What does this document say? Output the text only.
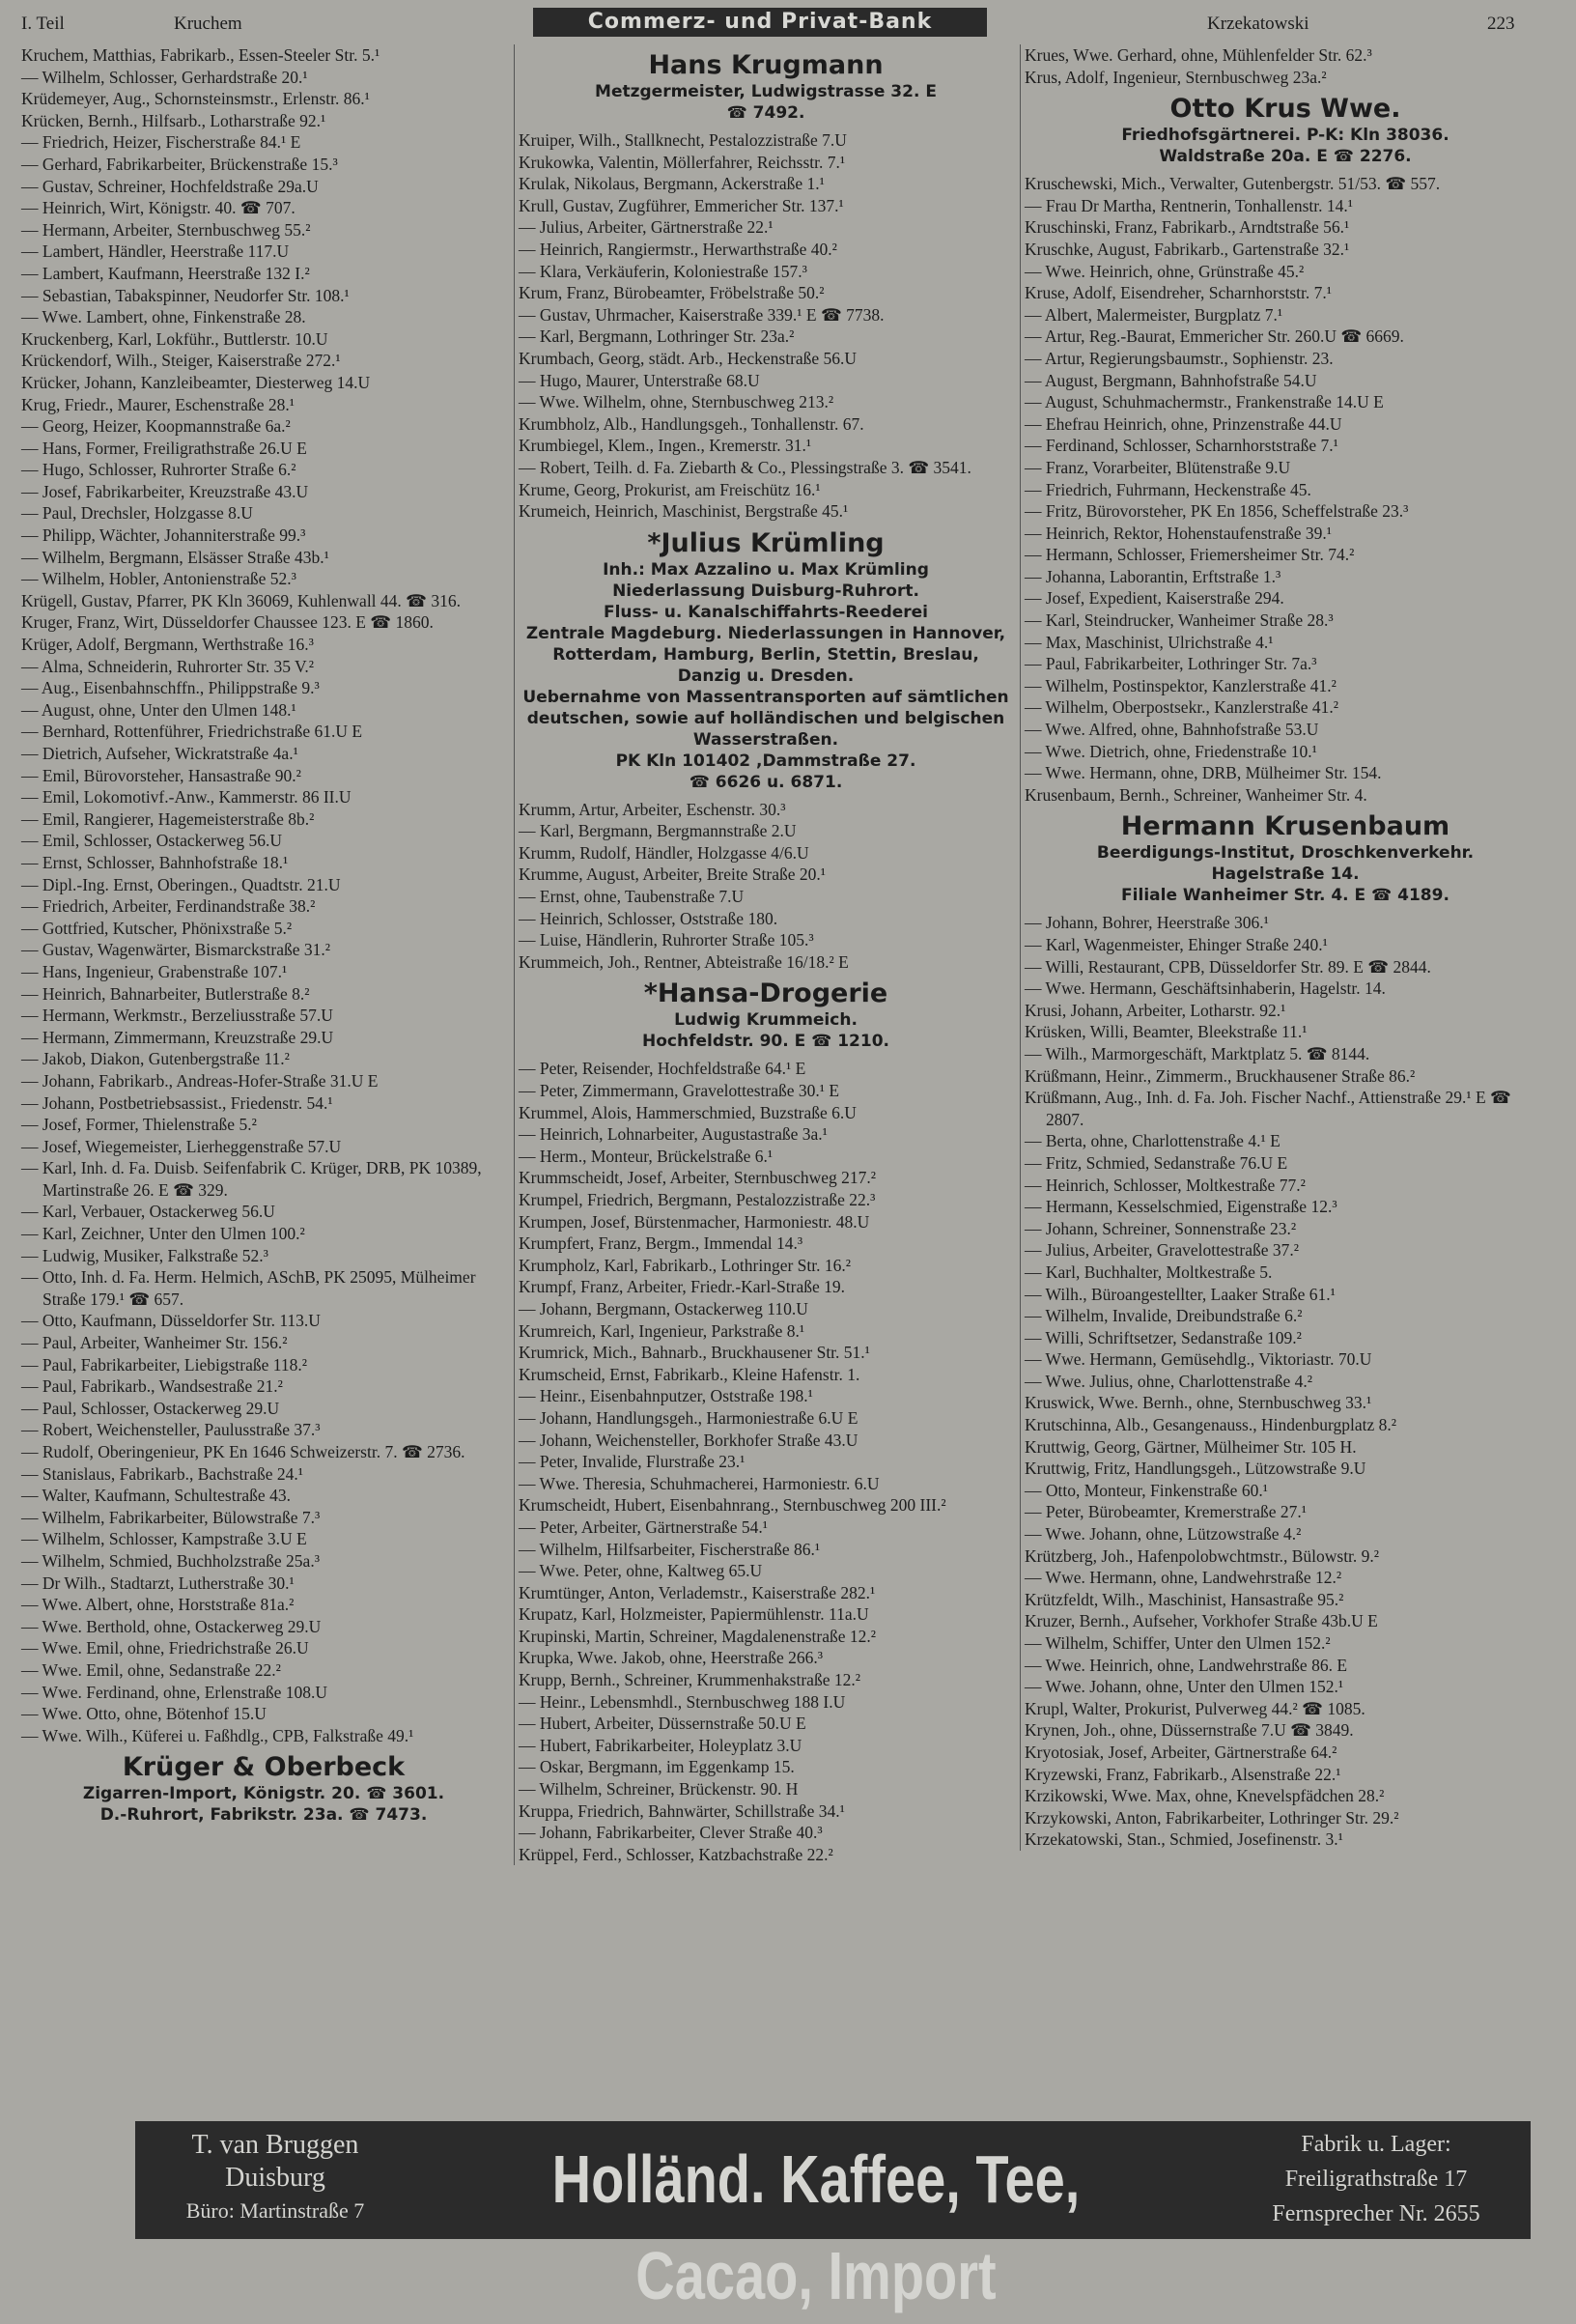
I. Teil	Kruchem	Commerz- und Privat-Bank	Krzekatowski	223
Kruchem, Matthias, Fabrikarb., Essen-Steeler Str. 5.¹
— Wilhelm, Schlosser, Gerhardstraße 20.¹
Krüdemeyer, Aug., Schornsteinsmstr., Erlenstr. 86.¹
Krücken, Bernh., Hilfsarb., Lotharstraße 92.¹
— Friedrich, Heizer, Fischerstraße 84.¹ E
— Gerhard, Fabrikarbeiter, Brückenstraße 15.³
— Gustav, Schreiner, Hochfeldstraße 29a.U
— Heinrich, Wirt, Königstr. 40. ☎ 707.
— Hermann, Arbeiter, Sternbuschweg 55.²
— Lambert, Händler, Heerstraße 117.U
— Lambert, Kaufmann, Heerstraße 132 I.²
— Sebastian, Tabakspinner, Neudorfer Str. 108.¹
— Wwe. Lambert, ohne, Finkenstraße 28.
Kruckenberg, Karl, Lokführ., Buttlerstr. 10.U
Krückendorf, Wilh., Steiger, Kaiserstraße 272.¹
Krücker, Johann, Kanzleibeamter, Diesterweg 14.U
Krug, Friedr., Maurer, Eschenstraße 28.¹
— Georg, Heizer, Koopmannstraße 6a.²
— Hans, Former, Freiligrathstraße 26.U E
— Hugo, Schlosser, Ruhrorter Straße 6.²
— Josef, Fabrikarbeiter, Kreuzstraße 43.U
— Paul, Drechsler, Holzgasse 8.U
— Philipp, Wächter, Johanniterstraße 99.³
— Wilhelm, Bergmann, Elsässer Straße 43b.¹
— Wilhelm, Hobler, Antonienstraße 52.³
Krügell, Gustav, Pfarrer, PK Kln 36069, Kuhlenwall 44. ☎ 316.
Kruger, Franz, Wirt, Düsseldorfer Chaussee 123. E ☎ 1860.
Krüger, Adolf, Bergmann, Werthstraße 16.³
— Alma, Schneiderin, Ruhrorter Str. 35 V.²
— Aug., Eisenbahnschffn., Philippstraße 9.³
— August, ohne, Unter den Ulmen 148.¹
— Bernhard, Rottenführer, Friedrichstraße 61.U E
— Dietrich, Aufseher, Wickratstraße 4a.¹
— Emil, Bürovorsteher, Hansastraße 90.²
— Emil, Lokomotivf.-Anw., Kammerstr. 86 II.U
— Emil, Rangierer, Hagemeisterstraße 8b.²
— Emil, Schlosser, Ostackerweg 56.U
— Ernst, Schlosser, Bahnhofstraße 18.¹
— Dipl.-Ing. Ernst, Oberingen., Quadtstr. 21.U
— Friedrich, Arbeiter, Ferdinandstraße 38.²
— Gottfried, Kutscher, Phönixstraße 5.²
— Gustav, Wagenwärter, Bismarckstraße 31.²
— Hans, Ingenieur, Grabenstraße 107.¹
— Heinrich, Bahnarbeiter, Butlerstraße 8.²
— Hermann, Werkmstr., Berzeliusstraße 57.U
— Hermann, Zimmermann, Kreuzstraße 29.U
— Jakob, Diakon, Gutenbergstraße 11.²
— Johann, Fabrikarb., Andreas-Hofer-Straße 31.U E
— Johann, Postbetriebsassist., Friedenstr. 54.¹
— Josef, Former, Thielenstraße 5.²
— Josef, Wiegemeister, Lierheggenstraße 57.U
— Karl, Inh. d. Fa. Duisb. Seifenfabrik C. Krüger, DRB, PK 10389, Martinstraße 26. E ☎ 329.
— Karl, Verbauer, Ostackerweg 56.U
— Karl, Zeichner, Unter den Ulmen 100.²
— Ludwig, Musiker, Falkstraße 52.³
— Otto, Inh. d. Fa. Herm. Helmich, ASchB, PK 25095, Mülheimer Straße 179.¹ ☎ 657.
— Otto, Kaufmann, Düsseldorfer Str. 113.U
— Paul, Arbeiter, Wanheimer Str. 156.²
— Paul, Fabrikarbeiter, Liebigstraße 118.²
— Paul, Fabrikarb., Wandsestraße 21.²
— Paul, Schlosser, Ostackerweg 29.U
— Robert, Weichensteller, Paulusstraße 37.³
— Rudolf, Oberingenieur, PK En 1646 Schweizerstr. 7. ☎ 2736.
— Stanislaus, Fabrikarb., Bachstraße 24.¹
— Walter, Kaufmann, Schultestraße 43.
— Wilhelm, Fabrikarbeiter, Bülowstraße 7.³
— Wilhelm, Schlosser, Kampstraße 3.U E
— Wilhelm, Schmied, Buchholzstraße 25a.³
— Dr Wilh., Stadtarzt, Lutherstraße 30.¹
— Wwe. Albert, ohne, Horststraße 81a.²
— Wwe. Berthold, ohne, Ostackerweg 29.U
— Wwe. Emil, ohne, Friedrichstraße 26.U
— Wwe. Emil, ohne, Sedanstraße 22.²
— Wwe. Ferdinand, ohne, Erlenstraße 108.U
— Wwe. Otto, ohne, Bötenhof 15.U
— Wwe. Wilh., Küferei u. Faßhdlg., CPB, Falkstraße 49.¹
Krüger & Oberbeck
Zigarren-Import, Königstr. 20. ☎ 3601.
D.-Ruhrort, Fabrikstr. 23a. ☎ 7473.
Hans Krugmann
Metzgermeister, Ludwigstrasse 32. E
☎ 7492.
Kruiper, Wilh., Stallknecht, Pestalozzistraße 7.U
Krukowka, Valentin, Möllerfahrer, Reichsstr. 7.¹
Krulak, Nikolaus, Bergmann, Ackerstraße 1.¹
Krull, Gustav, Zugführer, Emmericher Str. 137.¹
— Julius, Arbeiter, Gärtnerstraße 22.¹
— Heinrich, Rangiermstr., Herwarthstraße 40.²
— Klara, Verkäuferin, Koloniestraße 157.³
Krum, Franz, Bürobeamter, Fröbelstraße 50.²
— Gustav, Uhrmacher, Kaiserstraße 339.¹ E ☎ 7738.
— Karl, Bergmann, Lothringer Str. 23a.²
Krumbach, Georg, städt. Arb., Heckenstraße 56.U
— Hugo, Maurer, Unterstraße 68.U
— Wwe. Wilhelm, ohne, Sternbuschweg 213.²
Krumbholz, Alb., Handlungsgeh., Tonhallenstr. 67.
Krumbiegel, Klem., Ingen., Kremerstr. 31.¹
— Robert, Teilh. d. Fa. Ziebarth & Co., Plessingstraße 3. ☎ 3541.
Krume, Georg, Prokurist, am Freischütz 16.¹
Krumeich, Heinrich, Maschinist, Bergstraße 45.¹
*Julius Krümling
Inh.: Max Azzalino u. Max Krümling
Niederlassung Duisburg-Ruhrort.
Fluss- u. Kanalschiffahrts-Reederei
Zentrale Magdeburg. Niederlassungen in Hannover, Rotterdam, Hamburg, Berlin, Stettin, Breslau, Danzig u. Dresden.
Uebernahme von Massentransporten auf sämtlichen deutschen, sowie auf holländischen und belgischen Wasserstraßen.
PK Kln 101402 ,Dammstraße 27.
☎ 6626 u. 6871.
Krumm, Artur, Arbeiter, Eschenstr. 30.³
— Karl, Bergmann, Bergmannstraße 2.U
Krumm, Rudolf, Händler, Holzgasse 4/6.U
Krumme, August, Arbeiter, Breite Straße 20.¹
— Ernst, ohne, Taubenstraße 7.U
— Heinrich, Schlosser, Oststraße 180.
— Luise, Händlerin, Ruhrorter Straße 105.³
Krummeich, Joh., Rentner, Abteistraße 16/18.² E
*Hansa-Drogerie
Ludwig Krummeich.
Hochfeldstr. 90. E ☎ 1210.
— Peter, Reisender, Hochfeldstraße 64.¹ E
— Peter, Zimmermann, Gravelottestraße 30.¹ E
Krummel, Alois, Hammerschmied, Buzstraße 6.U
— Heinrich, Lohnarbeiter, Augustastraße 3a.¹
— Herm., Monteur, Brückelstraße 6.¹
Krummscheidt, Josef, Arbeiter, Sternbuschweg 217.²
Krumpel, Friedrich, Bergmann, Pestalozzistraße 22.³
Krumpen, Josef, Bürstenmacher, Harmoniestr. 48.U
Krumpfert, Franz, Bergm., Immendal 14.³
Krumpholz, Karl, Fabrikarb., Lothringer Str. 16.²
Krumpf, Franz, Arbeiter, Friedr.-Karl-Straße 19.
— Johann, Bergmann, Ostackerweg 110.U
Krumreich, Karl, Ingenieur, Parkstraße 8.¹
Krumrick, Mich., Bahnarb., Bruckhausener Str. 51.¹
Krumscheid, Ernst, Fabrikarb., Kleine Hafenstr. 1.
— Heinr., Eisenbahnputzer, Oststraße 198.¹
— Johann, Handlungsgeh., Harmoniestraße 6.U E
— Johann, Weichensteller, Borkhofer Straße 43.U
— Peter, Invalide, Flurstraße 23.¹
— Wwe. Theresia, Schuhmacherei, Harmoniestr. 6.U
Krumscheidt, Hubert, Eisenbahnrang., Sternbuschweg 200 III.²
— Peter, Arbeiter, Gärtnerstraße 54.¹
— Wilhelm, Hilfsarbeiter, Fischerstraße 86.¹
— Wwe. Peter, ohne, Kaltweg 65.U
Krumtünger, Anton, Verlademstr., Kaiserstraße 282.¹
Krupatz, Karl, Holzmeister, Papiermühlenstr. 11a.U
Krupinski, Martin, Schreiner, Magdalenenstraße 12.²
Krupka, Wwe. Jakob, ohne, Heerstraße 266.³
Krupp, Bernh., Schreiner, Krummenhakstraße 12.²
— Heinr., Lebensmhdl., Sternbuschweg 188 I.U
— Hubert, Arbeiter, Düssernstraße 50.U E
— Hubert, Fabrikarbeiter, Holeyplatz 3.U
— Oskar, Bergmann, im Eggenkamp 15.
— Wilhelm, Schreiner, Brückenstr. 90. H
Kruppa, Friedrich, Bahnwärter, Schillstraße 34.¹
— Johann, Fabrikarbeiter, Clever Straße 40.³
Krüppel, Ferd., Schlosser, Katzbachstraße 22.²
Krues, Wwe. Gerhard, ohne, Mühlenfelder Str. 62.³
Krus, Adolf, Ingenieur, Sternbuschweg 23a.²
Otto Krus Wwe.
Friedhofsgärtnerei. P-K: Kln 38036.
Waldstraße 20a. E ☎ 2276.
Kruschewski, Mich., Verwalter, Gutenbergstr. 51/53. ☎ 557.
— Frau Dr Martha, Rentnerin, Tonhallenstr. 14.¹
Kruschinski, Franz, Fabrikarb., Arndtstraße 56.¹
Kruschke, August, Fabrikarb., Gartenstraße 32.¹
— Wwe. Heinrich, ohne, Grünstraße 45.²
Kruse, Adolf, Eisendreher, Scharnhorststr. 7.¹
— Albert, Malermeister, Burgplatz 7.¹
— Artur, Reg.-Baurat, Emmericher Str. 260.U ☎ 6669.
— Artur, Regierungsbaumstr., Sophienstr. 23.
— August, Bergmann, Bahnhofstraße 54.U
— August, Schuhmachermstr., Frankenstraße 14.U E
— Ehefrau Heinrich, ohne, Prinzenstraße 44.U
— Ferdinand, Schlosser, Scharnhorststraße 7.¹
— Franz, Vorarbeiter, Blütenstraße 9.U
— Friedrich, Fuhrmann, Heckenstraße 45.
— Fritz, Bürovorsteher, PK En 1856, Scheffelstraße 23.³
— Heinrich, Rektor, Hohenstaufenstraße 39.¹
— Hermann, Schlosser, Friemersheimer Str. 74.²
— Johanna, Laborantin, Erftstraße 1.³
— Josef, Expedient, Kaiserstraße 294.
— Karl, Steindrucker, Wanheimer Straße 28.³
— Max, Maschinist, Ulrichstraße 4.¹
— Paul, Fabrikarbeiter, Lothringer Str. 7a.³
— Wilhelm, Postinspektor, Kanzlerstraße 41.²
— Wilhelm, Oberpostsekr., Kanzlerstraße 41.²
— Wwe. Alfred, ohne, Bahnhofstraße 53.U
— Wwe. Dietrich, ohne, Friedenstraße 10.¹
— Wwe. Hermann, ohne, DRB, Mülheimer Str. 154.
Krusenbaum, Bernh., Schreiner, Wanheimer Str. 4.
Hermann Krusenbaum
Beerdigungs-Institut, Droschkenverkehr.
Hagelstraße 14.
Filiale Wanheimer Str. 4. E ☎ 4189.
— Johann, Bohrer, Heerstraße 306.¹
— Karl, Wagenmeister, Ehinger Straße 240.¹
— Willi, Restaurant, CPB, Düsseldorfer Str. 89. E ☎ 2844.
— Wwe. Hermann, Geschäftsinhaberin, Hagelstr. 14.
Krusi, Johann, Arbeiter, Lotharstr. 92.¹
Krüsken, Willi, Beamter, Bleekstraße 11.¹
— Wilh., Marmorgeschäft, Marktplatz 5. ☎ 8144.
Krüßmann, Heinr., Zimmerm., Bruckhausener Straße 86.²
Krüßmann, Aug., Inh. d. Fa. Joh. Fischer Nachf., Attienstraße 29.¹ E ☎ 2807.
— Berta, ohne, Charlottenstraße 4.¹ E
— Fritz, Schmied, Sedanstraße 76.U E
— Heinrich, Schlosser, Moltkestraße 77.²
— Hermann, Kesselschmied, Eigenstraße 12.³
— Johann, Schreiner, Sonnenstraße 23.²
— Julius, Arbeiter, Gravelottestraße 37.²
— Karl, Buchhalter, Moltkestraße 5.
— Wilh., Büroangestellter, Laaker Straße 61.¹
— Wilhelm, Invalide, Dreibundstraße 6.²
— Willi, Schriftsetzer, Sedanstraße 109.²
— Wwe. Hermann, Gemüsehdlg., Viktoriastr. 70.U
— Wwe. Julius, ohne, Charlottenstraße 4.²
Kruswick, Wwe. Bernh., ohne, Sternbuschweg 33.¹
Krutschinna, Alb., Gesangenauss., Hindenburgplatz 8.²
Kruttwig, Georg, Gärtner, Mülheimer Str. 105 H.
Kruttwig, Fritz, Handlungsgeh., Lützowstraße 9.U
— Otto, Monteur, Finkenstraße 60.¹
— Peter, Bürobeamter, Kremerstraße 27.¹
— Wwe. Johann, ohne, Lützowstraße 4.²
Krützberg, Joh., Hafenpolobwchtmstr., Bülowstr. 9.²
— Wwe. Hermann, ohne, Landwehrstraße 12.²
Krützfeldt, Wilh., Maschinist, Hansastraße 95.²
Kruzer, Bernh., Aufseher, Vorkhofer Straße 43b.U E
— Wilhelm, Schiffer, Unter den Ulmen 152.²
— Wwe. Heinrich, ohne, Landwehrstraße 86. E
— Wwe. Johann, ohne, Unter den Ulmen 152.¹
Krupl, Walter, Prokurist, Pulverweg 44.² ☎ 1085.
Krynen, Joh., ohne, Düssernstraße 7.U ☎ 3849.
Kryotosiak, Josef, Arbeiter, Gärtnerstraße 64.²
Kryzewski, Franz, Fabrikarb., Alsenstraße 22.¹
Krzikowski, Wwe. Max, ohne, Knevelspfädchen 28.²
Krzykowski, Anton, Fabrikarbeiter, Lothringer Str. 29.²
Krzekatowski, Stan., Schmied, Josefinenstr. 3.¹
T. van Bruggen
Duisburg
Büro: Martinstraße 7	Holländ. Kaffee, Tee, Cacao, Import
Fabrik u. Lager:
Freiligrathstraße 17
Fernsprecher Nr. 2655
